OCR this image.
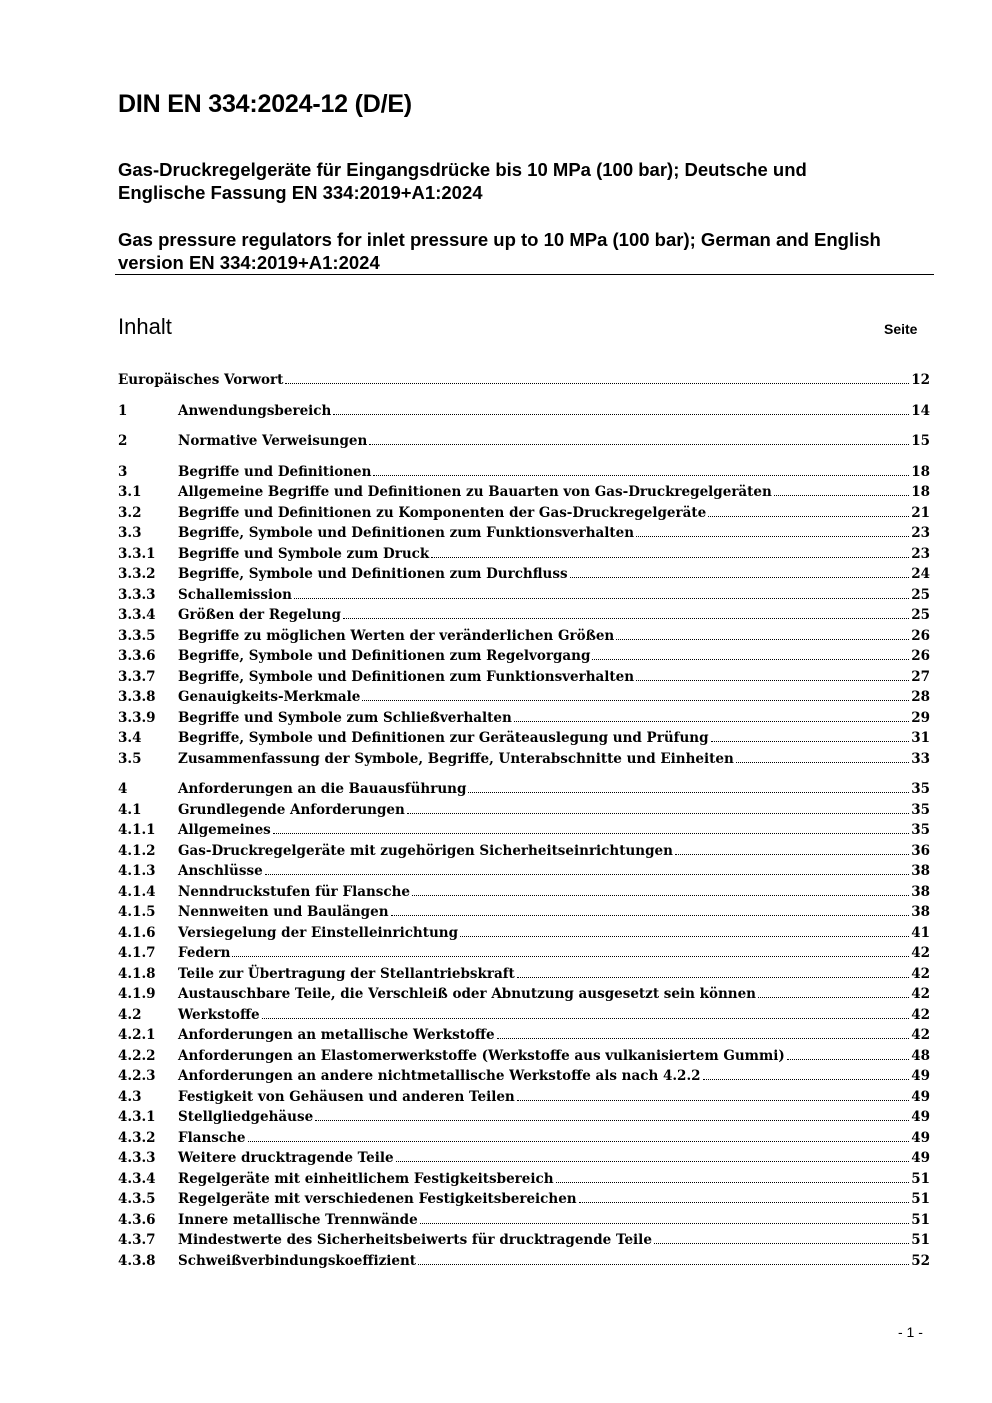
DIN EN 334:2024-12 (D/E)
Gas-Druckregelgeräte für Eingangsdrücke bis 10 MPa (100 bar); Deutsche und Englische Fassung EN 334:2019+A1:2024
Gas pressure regulators for inlet pressure up to 10 MPa (100 bar); German and English version EN 334:2019+A1:2024
Inhalt	Seite
Europäisches Vorwort	12
1	Anwendungsbereich	14
2	Normative Verweisungen	15
3	Begriffe und Definitionen	18
3.1	Allgemeine Begriffe und Definitionen zu Bauarten von Gas-Druckregelgeräten	18
3.2	Begriffe und Definitionen zu Komponenten der Gas-Druckregelgeräte	21
3.3	Begriffe, Symbole und Definitionen zum Funktionsverhalten	23
3.3.1	Begriffe und Symbole zum Druck	23
3.3.2	Begriffe, Symbole und Definitionen zum Durchfluss	24
3.3.3	Schallemission	25
3.3.4	Größen der Regelung	25
3.3.5	Begriffe zu möglichen Werten der veränderlichen Größen	26
3.3.6	Begriffe, Symbole und Definitionen zum Regelvorgang	26
3.3.7	Begriffe, Symbole und Definitionen zum Funktionsverhalten	27
3.3.8	Genauigkeits-Merkmale	28
3.3.9	Begriffe und Symbole zum Schließverhalten	29
3.4	Begriffe, Symbole und Definitionen zur Geräteauslegung und Prüfung	31
3.5	Zusammenfassung der Symbole, Begriffe, Unterabschnitte und Einheiten	33
4	Anforderungen an die Bauausführung	35
4.1	Grundlegende Anforderungen	35
4.1.1	Allgemeines	35
4.1.2	Gas-Druckregelgeräte mit zugehörigen Sicherheitseinrichtungen	36
4.1.3	Anschlüsse	38
4.1.4	Nenndruckstufen für Flansche	38
4.1.5	Nennweiten und Baulängen	38
4.1.6	Versiegelung der Einstelleinrichtung	41
4.1.7	Federn	42
4.1.8	Teile zur Übertragung der Stellantriebskraft	42
4.1.9	Austauschbare Teile, die Verschleiß oder Abnutzung ausgesetzt sein können	42
4.2	Werkstoffe	42
4.2.1	Anforderungen an metallische Werkstoffe	42
4.2.2	Anforderungen an Elastomerwerkstoffe (Werkstoffe aus vulkanisiertem Gummi)	48
4.2.3	Anforderungen an andere nichtmetallische Werkstoffe als nach 4.2.2	49
4.3	Festigkeit von Gehäusen und anderen Teilen	49
4.3.1	Stellgliedgehäuse	49
4.3.2	Flansche	49
4.3.3	Weitere drucktragende Teile	49
4.3.4	Regelgeräte mit einheitlichem Festigkeitsbereich	51
4.3.5	Regelgeräte mit verschiedenen Festigkeitsbereichen	51
4.3.6	Innere metallische Trennwände	51
4.3.7	Mindestwerte des Sicherheitsbeiwerts für drucktragende Teile	51
4.3.8	Schweißverbindungskoeffizient	52
- 1 -
